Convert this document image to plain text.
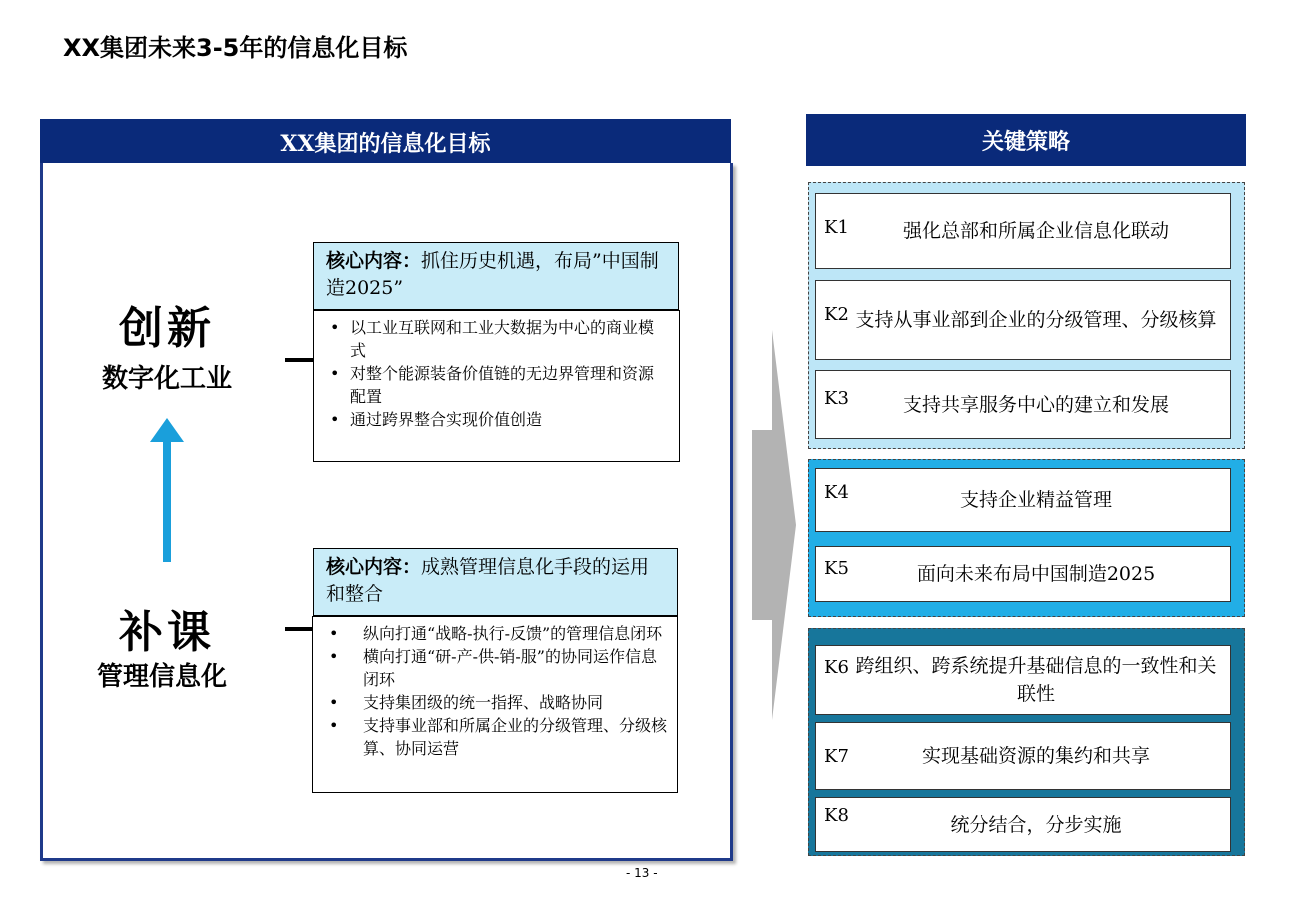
XX集团未来3-5年的信息化目标
XX集团的信息化目标
创新
数字化工业
核心内容：抓住历史机遇，布局”中国制造2025”
• 以工业互联网和工业大数据为中心的商业模式
• 对整个能源装备价值链的无边界管理和资源配置
• 通过跨界整合实现价值创造
补课
管理信息化
核心内容：成熟管理信息化手段的运用和整合
• 纵向打通“战略-执行-反馈”的管理信息闭环
• 横向打通“研-产-供-销-服”的协同运作信息闭环
• 支持集团级的统一指挥、战略协同
• 支持事业部和所属企业的分级管理、分级核算、协同运营
关键策略
K1	强化总部和所属企业信息化联动
K2 支持从事业部到企业的分级管理、分级核算
K3	支持共享服务中心的建立和发展
K4	支持企业精益管理
K5	面向未来布局中国制造2025
K6 跨组织、跨系统提升基础信息的一致性和关联性
K7	实现基础资源的集约和共享
K8	统分结合，分步实施
- 13 -
